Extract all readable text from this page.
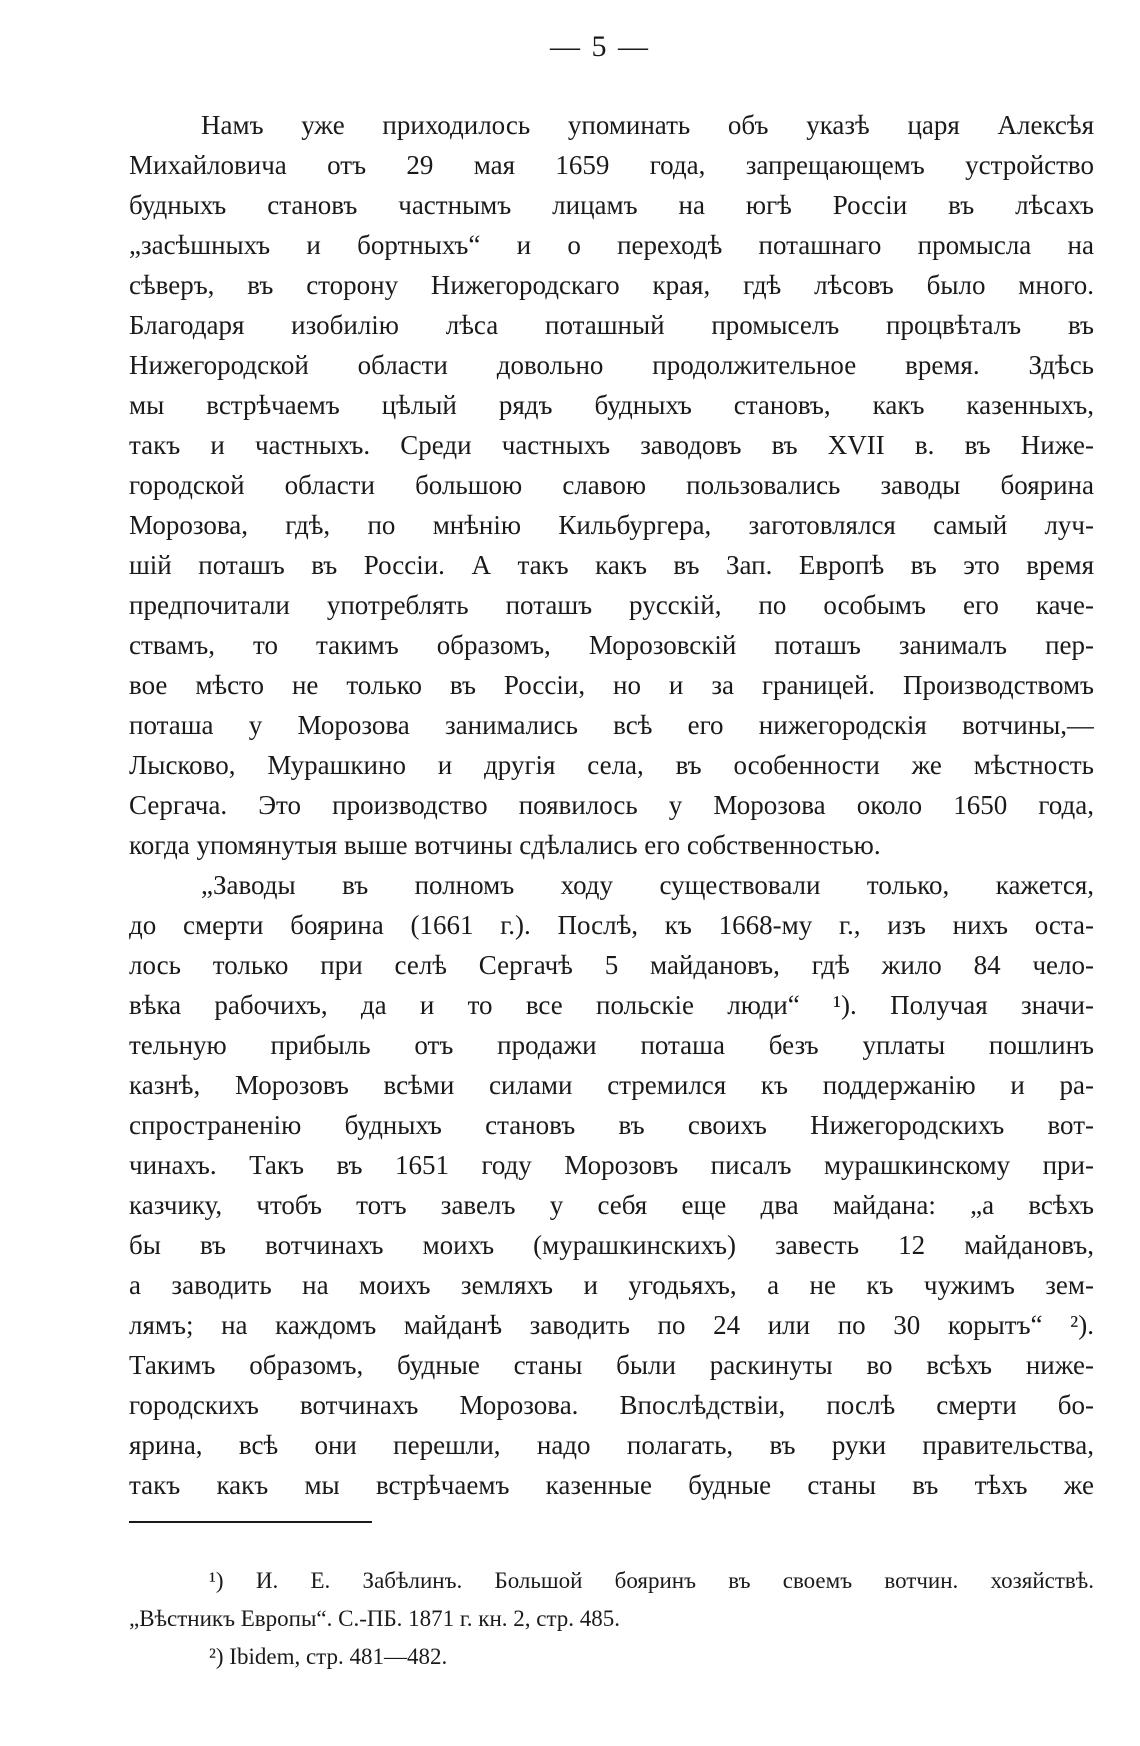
— 5 —
Намъ уже приходилось упоминать объ указѣ царя Алексѣя
Михайловича отъ 29 мая 1659 года, запрещающемъ устройство
будныхъ становъ частнымъ лицамъ на югѣ Россіи въ лѣсахъ
„засѣшныхъ и бортныхъ“ и о переходѣ поташнаго промысла на
сѣверъ, въ сторону Нижегородскаго края, гдѣ лѣсовъ было много.
Благодаря изобилію лѣса поташный промыселъ процвѣталъ въ
Нижегородской области довольно продолжительное время. Здѣсь
мы встрѣчаемъ цѣлый рядъ будныхъ становъ, какъ казенныхъ,
такъ и частныхъ. Среди частныхъ заводовъ въ XVII в. въ Ниже-
городской области большою славою пользовались заводы боярина
Морозова, гдѣ, по мнѣнію Кильбургера, заготовлялся самый луч-
шій поташъ въ Россіи. А такъ какъ въ Зап. Европѣ въ это время
предпочитали употреблять поташъ русскій, по особымъ его каче-
ствамъ, то такимъ образомъ, Морозовскій поташъ занималъ пер-
вое мѣсто не только въ Россіи, но и за границей. Производствомъ
поташа у Морозова занимались всѣ его нижегородскія вотчины,—
Лысково, Мурашкино и другія села, въ особенности же мѣстность
Сергача. Это производство появилось у Морозова около 1650 года,
когда упомянутыя выше вотчины сдѣлались его собственностью.
„Заводы въ полномъ ходу существовали только, кажется,
до смерти боярина (1661 г.). Послѣ, къ 1668-му г., изъ нихъ оста-
лось только при селѣ Сергачѣ 5 майдановъ, гдѣ жило 84 чело-
вѣка рабочихъ, да и то все польскіе люди“ ¹). Получая значи-
тельную прибыль отъ продажи поташа безъ уплаты пошлинъ
казнѣ, Морозовъ всѣми силами стремился къ поддержанію и ра-
спространенію будныхъ становъ въ своихъ Нижегородскихъ вот-
чинахъ. Такъ въ 1651 году Морозовъ писалъ мурашкинскому при-
казчику, чтобъ тотъ завелъ у себя еще два майдана: „а всѣхъ
бы въ вотчинахъ моихъ (мурашкинскихъ) завесть 12 майдановъ,
а заводить на моихъ земляхъ и угодьяхъ, а не къ чужимъ зем-
лямъ; на каждомъ майданѣ заводить по 24 или по 30 корытъ“ ²).
Такимъ образомъ, будные станы были раскинуты во всѣхъ ниже-
городскихъ вотчинахъ Морозова. Впослѣдствіи, послѣ смерти бо-
ярина, всѣ они перешли, надо полагать, въ руки правительства,
такъ какъ мы встрѣчаемъ казенные будные станы въ тѣхъ же
¹) И. Е. Забѣлинъ. Большой бояринъ въ своемъ вотчин. хозяйствѣ.
„Вѣстникъ Европы“. С.-ПБ. 1871 г. кн. 2, стр. 485.
²) Ibidem, стр. 481—482.
